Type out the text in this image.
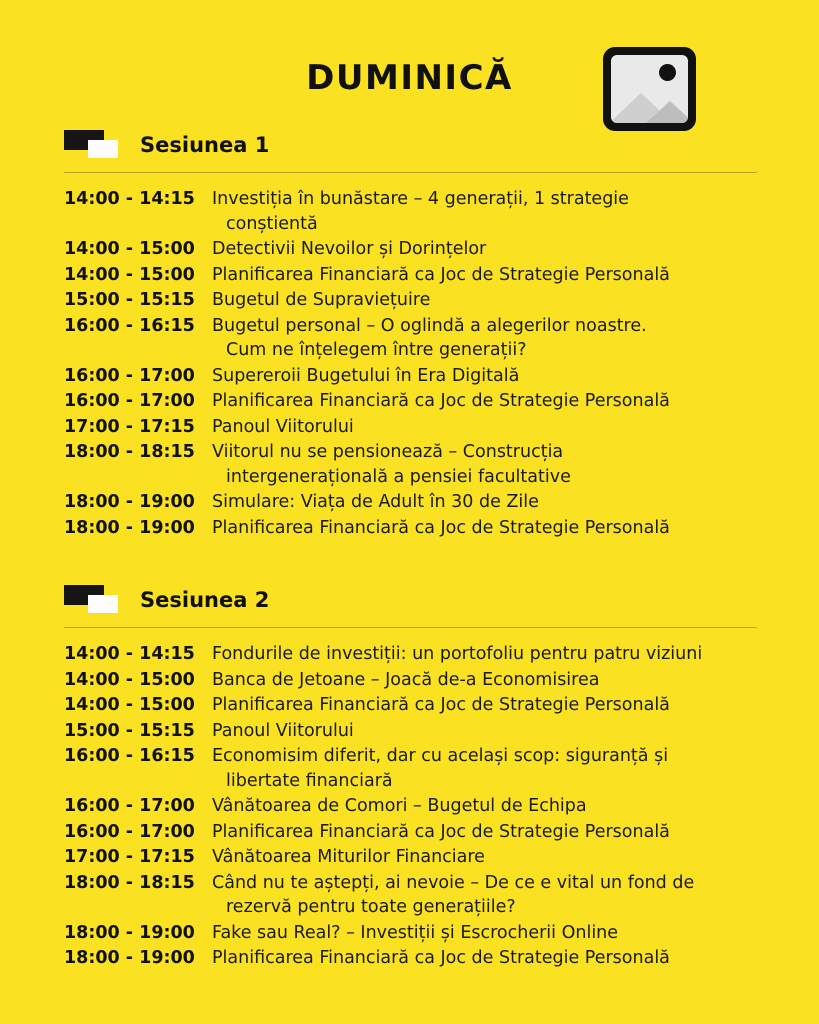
DUMINICĂ
Sesiunea 1
14:00 - 14:15 Investiția în bunăstare – 4 generații, 1 strategie
conștientă
14:00 - 15:00 Detectivii Nevoilor și Dorințelor
14:00 - 15:00 Planificarea Financiară ca Joc de Strategie Personală
15:00 - 15:15 Bugetul de Supraviețuire
16:00 - 16:15 Bugetul personal – O oglindă a alegerilor noastre.
Cum ne înțelegem între generații?
16:00 - 17:00 Supereroii Bugetului în Era Digitală
16:00 - 17:00 Planificarea Financiară ca Joc de Strategie Personală
17:00 - 17:15 Panoul Viitorului
18:00 - 18:15 Viitorul nu se pensionează – Construcția
intergenerațională a pensiei facultative
18:00 - 19:00 Simulare: Viața de Adult în 30 de Zile
18:00 - 19:00 Planificarea Financiară ca Joc de Strategie Personală
Sesiunea 2
14:00 - 14:15 Fondurile de investiții: un portofoliu pentru patru viziuni
14:00 - 15:00 Banca de Jetoane – Joacă de-a Economisirea
14:00 - 15:00 Planificarea Financiară ca Joc de Strategie Personală
15:00 - 15:15 Panoul Viitorului
16:00 - 16:15 Economisim diferit, dar cu același scop: siguranță și
libertate financiară
16:00 - 17:00 Vânătoarea de Comori – Bugetul de Echipa
16:00 - 17:00 Planificarea Financiară ca Joc de Strategie Personală
17:00 - 17:15 Vânătoarea Miturilor Financiare
18:00 - 18:15 Când nu te aștepți, ai nevoie – De ce e vital un fond de
rezervă pentru toate generațiile?
18:00 - 19:00 Fake sau Real? – Investiții și Escrocherii Online
18:00 - 19:00 Planificarea Financiară ca Joc de Strategie Personală
